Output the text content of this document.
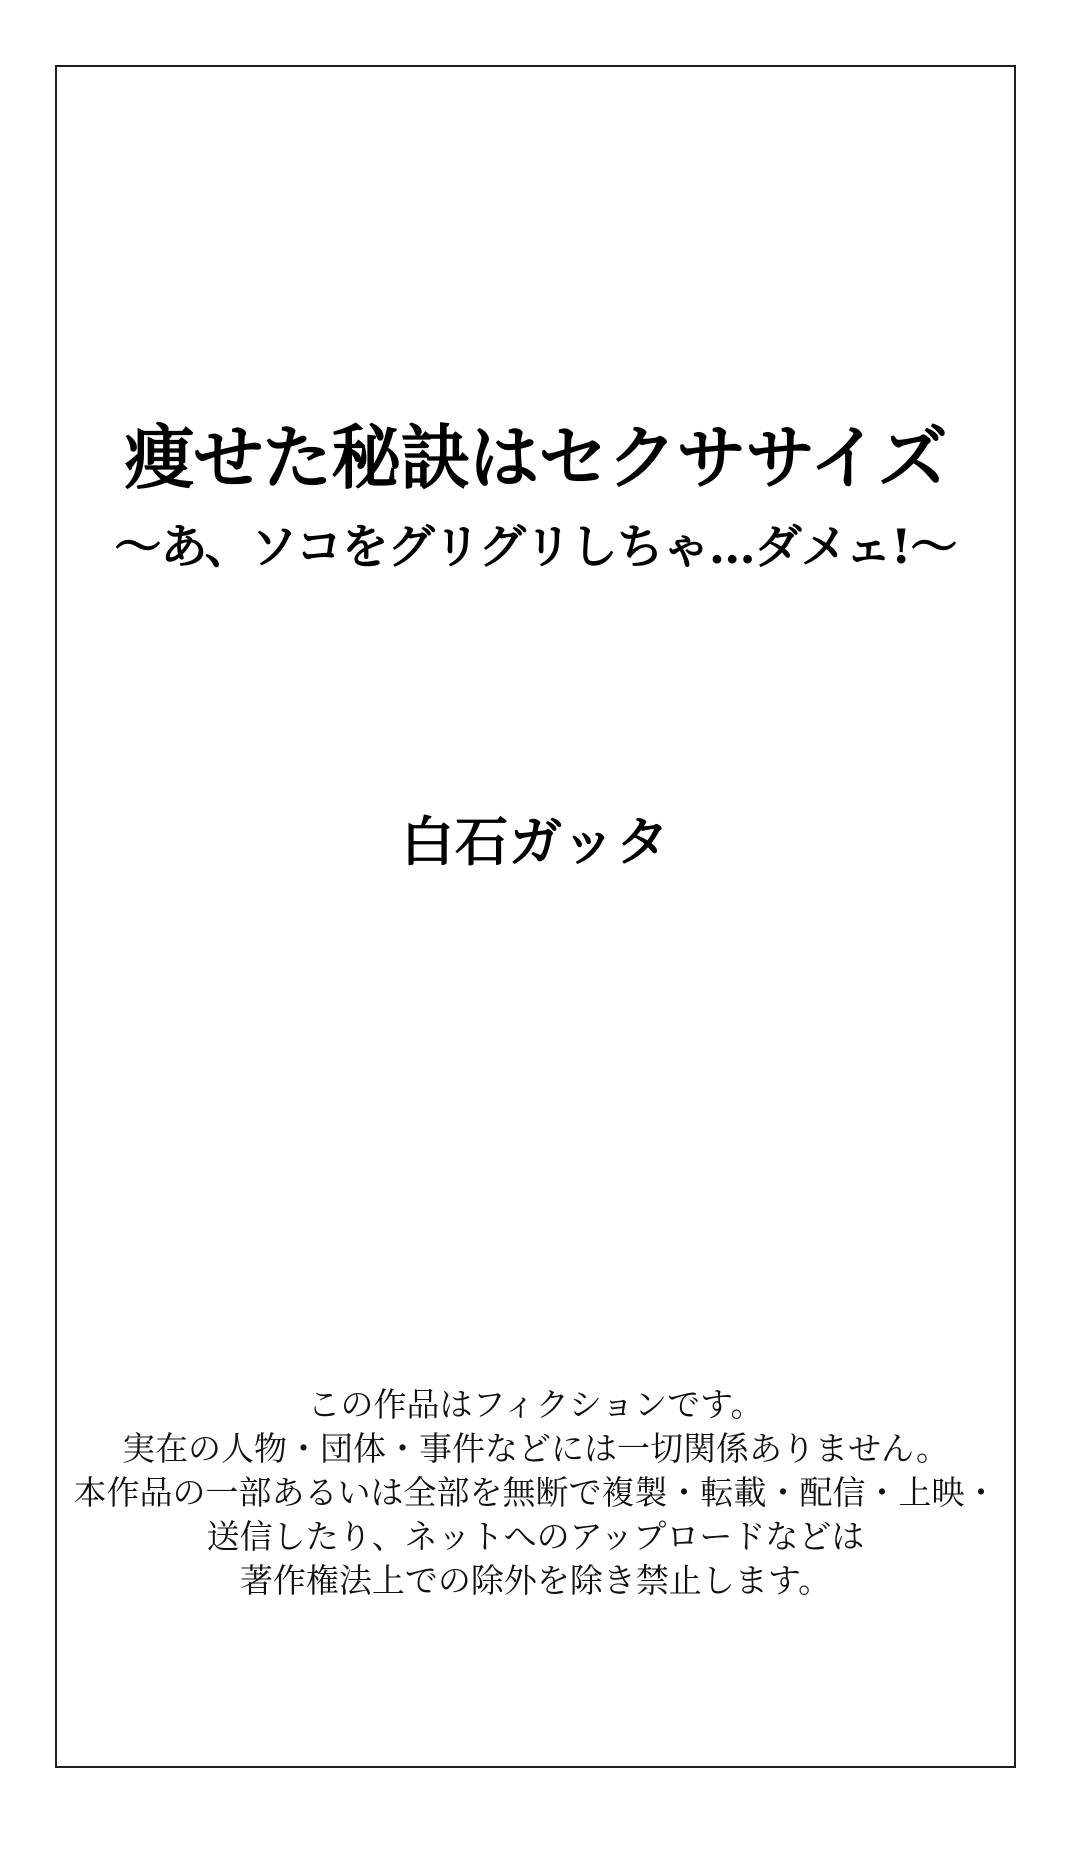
痩せた秘訣はセクササイズ
～あ、ソコをグリグリしちゃ…ダメェ!～
白石ガッタ
この作品はフィクションです。
実在の人物・団体・事件などには一切関係ありません。
本作品の一部あるいは全部を無断で複製・転載・配信・上映・
送信したり、ネットへのアップロードなどは
著作権法上での除外を除き禁止します。
